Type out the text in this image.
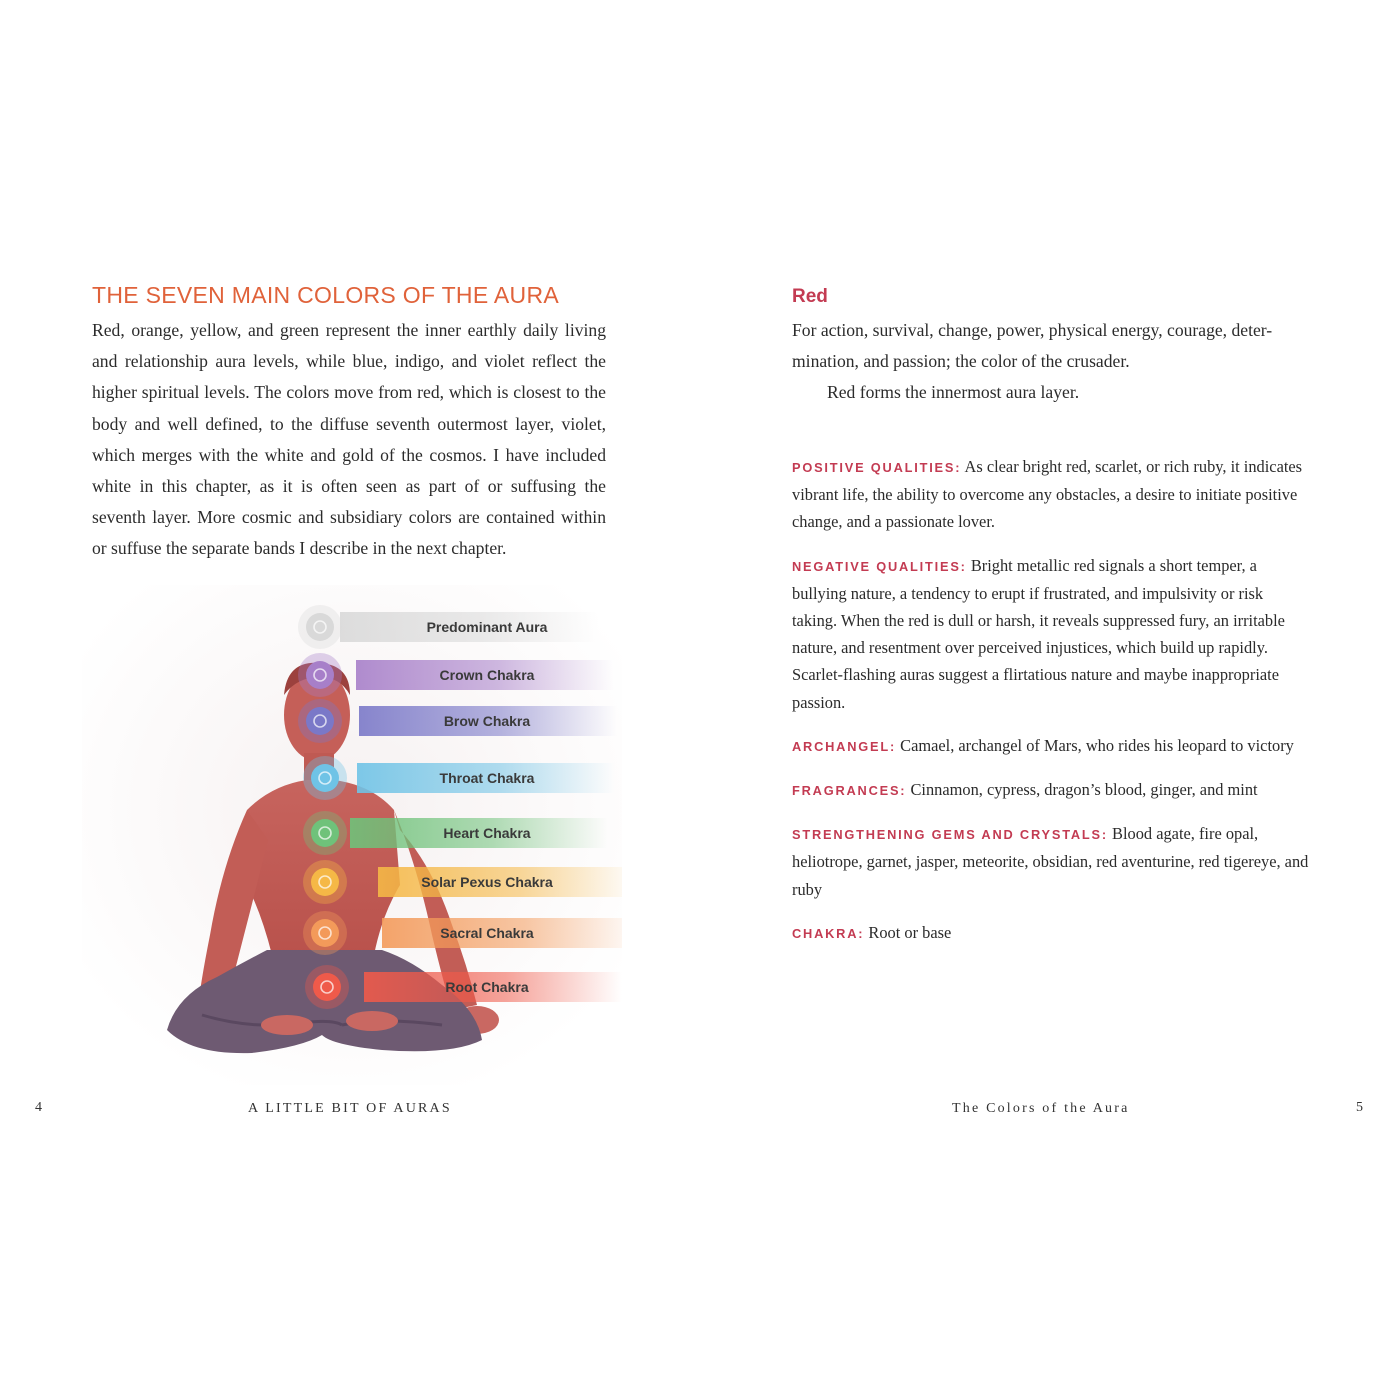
THE SEVEN MAIN COLORS OF THE AURA

Red, orange, yellow, and green represent the inner earthly daily living and relationship aura levels, while blue, indigo, and violet reflect the higher spiritual levels. The colors move from red, which is closest to the body and well defined, to the diffuse seventh outermost layer, violet, which merges with the white and gold of the cosmos. I have included white in this chapter, as it is often seen as part of or suffusing the seventh layer. More cosmic and subsidiary colors are contained within or suffuse the separate bands I describe in the next chapter.

Predominant Aura
Crown Chakra
Brow Chakra
Throat Chakra
Heart Chakra
Solar Pexus Chakra
Sacral Chakra
Root Chakra
4	A LITTLE BIT OF AURAS
Red
For action, survival, change, power, physical energy, courage, deter-mination, and passion; the color of the crusader.
Red forms the innermost aura layer.

POSITIVE QUALITIES: As clear bright red, scarlet, or rich ruby, it indicates vibrant life, the ability to overcome any obstacles, a desire to initiate positive change, and a passionate lover.

NEGATIVE QUALITIES: Bright metallic red signals a short temper, a bullying nature, a tendency to erupt if frustrated, and impulsivity or risk taking. When the red is dull or harsh, it reveals suppressed fury, an irritable nature, and resentment over perceived injustices, which build up rapidly. Scarlet-flashing auras suggest a flirtatious nature and maybe inappropriate passion.

ARCHANGEL: Camael, archangel of Mars, who rides his leopard to victory

FRAGRANCES: Cinnamon, cypress, dragon’s blood, ginger, and mint

STRENGTHENING GEMS AND CRYSTALS: Blood agate, fire opal, heliotrope, garnet, jasper, meteorite, obsidian, red aventurine, red tigereye, and ruby

CHAKRA: Root or base

The Colors of the Aura	5
